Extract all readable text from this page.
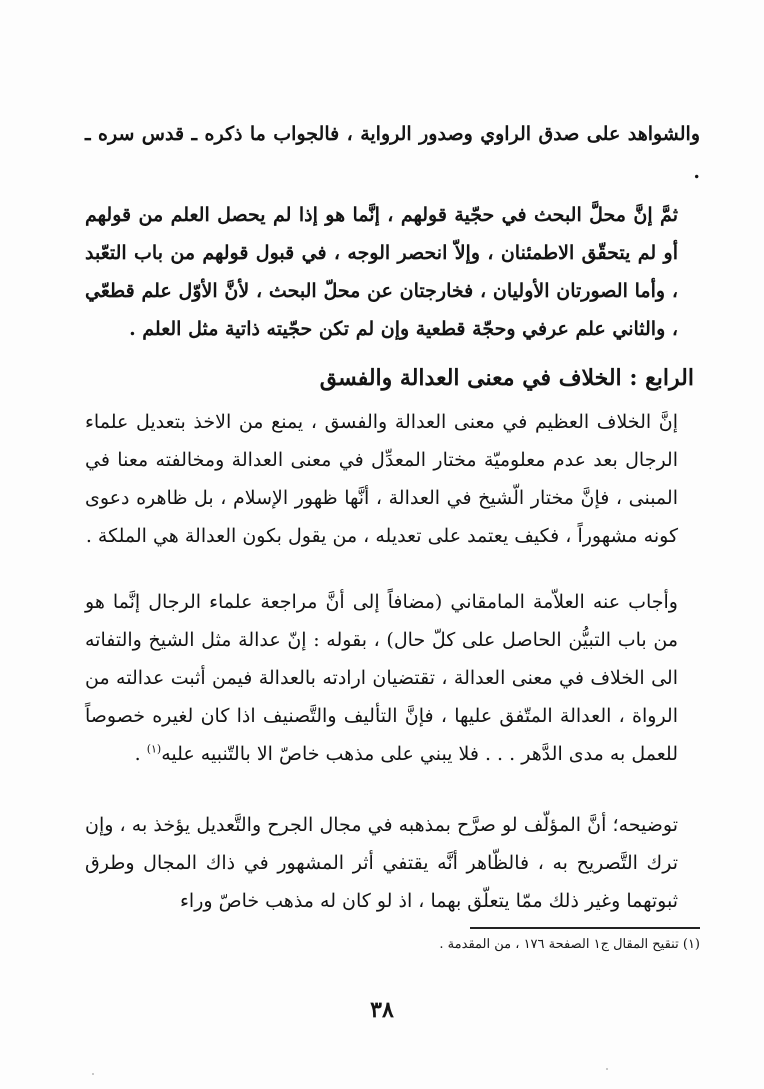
والشواهد على صدق الراوي وصدور الرواية ، فالجواب ما ذكره ـ قدس سره ـ .

ثمَّ إنَّ محلَّ البحث في حجّية قولهم ، إنَّما هو إذا لم يحصل العلم من قولهم أو لم يتحقّق الاطمئنان ، وإلاّ انحصر الوجه ، في قبول قولهم من باب التعّبد ، وأما الصورتان الأوليان ، فخارجتان عن محلّ البحث ، لأنَّ الأوّل علم قطعّي ، والثاني علم عرفي وحجّة قطعية وإن لم تكن حجّيته ذاتية مثل العلم .

الرابع : الخلاف في معنى العدالة والفسق

إنَّ الخلاف العظيم في معنى العدالة والفسق ، يمنع من الاخذ بتعديل علماء الرجال بعد عدم معلوميّة مختار المعدِّل في معنى العدالة ومخالفته معنا في المبنى ، فإنَّ مختار الّشيخ في العدالة ، أنَّها ظهور الإسلام ، بل ظاهره دعوى كونه مشهوراً ، فكيف يعتمد على تعديله ، من يقول بكون العدالة هي الملكة .

وأجاب عنه العلاّمة المامقاني (مضافاً إلى أنَّ مراجعة علماء الرجال إنَّما هو من باب التبيُّن الحاصل على كلّ حال) ، بقوله : إنّ عدالة مثل الشيخ والتفاته الى الخلاف في معنى العدالة ، تقتضيان ارادته بالعدالة فيمن أثبت عدالته من الرواة ، العدالة المتّفق عليها ، فإنَّ التأليف والتَّصنيف اذا كان لغيره خصوصاً للعمل به مدى الدَّهر . . . فلا يبني على مذهب خاصّ الا بالتّنبيه عليه$^{(١)}$ .

توضيحه؛ أنَّ المؤلّف لو صرَّح بمذهبه في مجال الجرح والتَّعديل يؤخذ به ، وإن ترك التَّصريح به ، فالظّاهر أنَّه يقتفي أثر المشهور في ذاك المجال وطرق ثبوتهما وغير ذلك ممّا يتعلّق بهما ، اذ لو كان له مذهب خاصّ وراء

(١) تنقيح المقال ج١ الصفحة ١٧٦ ، من المقدمة .
٣٨
